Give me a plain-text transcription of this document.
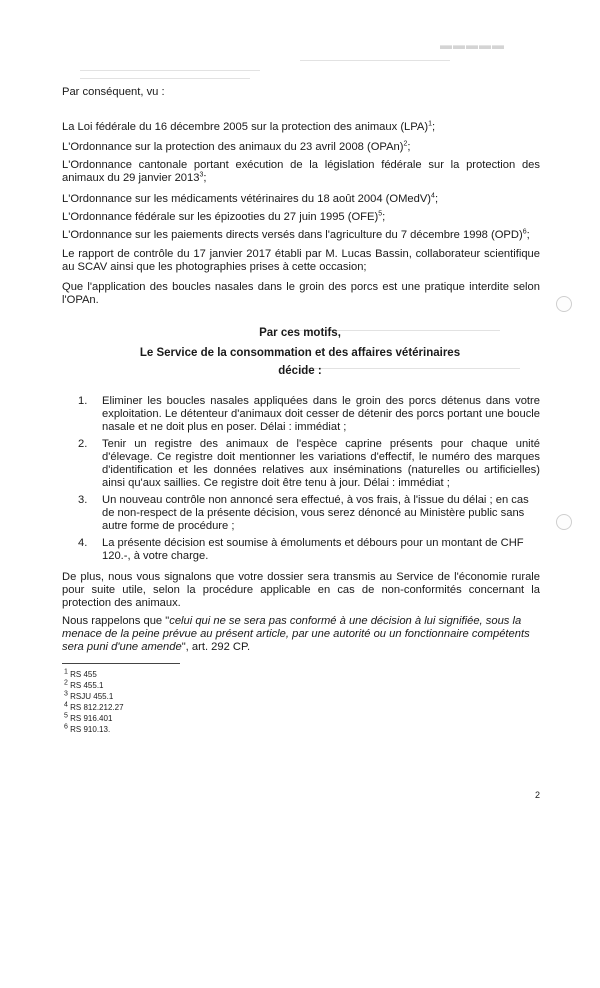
▬▬▬▬▬
Par conséquent, vu :
La Loi fédérale du 16 décembre 2005 sur la protection des animaux (LPA)$^1$;
L'Ordonnance sur la protection des animaux du 23 avril 2008 (OPAn)$^2$;
L'Ordonnance cantonale portant exécution de la législation fédérale sur la protection des animaux du 29 janvier 2013$^3$;
L'Ordonnance sur les médicaments vétérinaires du 18 août 2004 (OMedV)$^4$;
L'Ordonnance fédérale sur les épizooties du 27 juin 1995 (OFE)$^5$;
L'Ordonnance sur les paiements directs versés dans l'agriculture du 7 décembre 1998 (OPD)$^6$;
Le rapport de contrôle du 17 janvier 2017 établi par M. Lucas Bassin, collaborateur scientifique au SCAV ainsi que les photographies prises à cette occasion;
Que l'application des boucles nasales dans le groin des porcs est une pratique interdite selon l'OPAn.
Par ces motifs,
Le Service de la consommation et des affaires vétérinaires
décide :
1. Eliminer les boucles nasales appliquées dans le groin des porcs détenus dans votre exploitation. Le détenteur d'animaux doit cesser de détenir des porcs portant une boucle nasale et ne doit plus en poser. Délai : immédiat ;
2. Tenir un registre des animaux de l'espèce caprine présents pour chaque unité d'élevage. Ce registre doit mentionner les variations d'effectif, le numéro des marques d'identification et les données relatives aux inséminations (naturelles ou artificielles) ainsi qu'aux saillies. Ce registre doit être tenu à jour. Délai : immédiat ;
3. Un nouveau contrôle non annoncé sera effectué, à vos frais, à l'issue du délai ; en cas de non-respect de la présente décision, vous serez dénoncé au Ministère public sans autre forme de procédure ;
4. La présente décision est soumise à émoluments et débours pour un montant de CHF 120.-, à votre charge.
De plus, nous vous signalons que votre dossier sera transmis au Service de l'économie rurale pour suite utile, selon la procédure applicable en cas de non-conformités concernant la protection des animaux.
Nous rappelons que "celui qui ne se sera pas conformé à une décision à lui signifiée, sous la menace de la peine prévue au présent article, par une autorité ou un fonctionnaire compétents sera puni d'une amende", art. 292 CP.
$^1$ RS 455
$^2$ RS 455.1
$^3$ RSJU 455.1
$^4$ RS 812.212.27
$^5$ RS 916.401
$^6$ RS 910.13.
2
